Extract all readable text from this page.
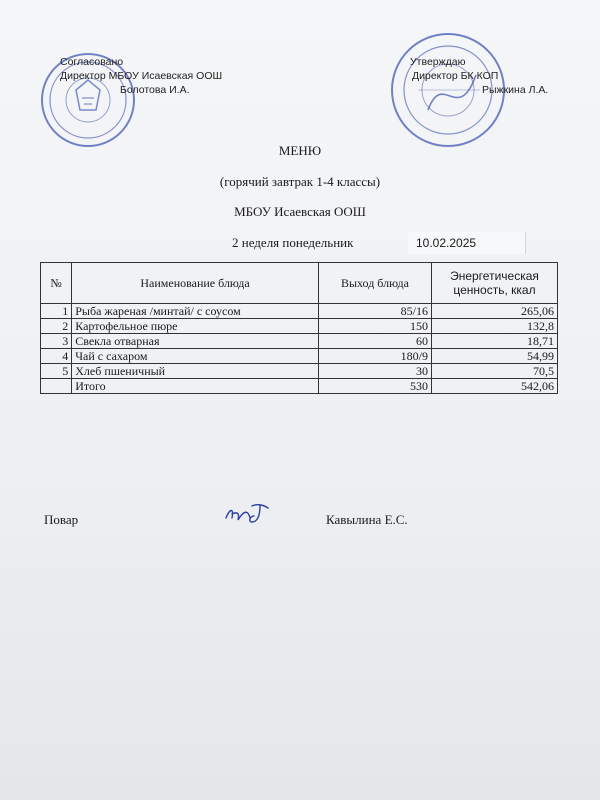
Согласовано
Директор МБОУ Исаевская ООШ
Болотова И.А.
Утверждаю
Директор БК КОП
Рыжкина Л.А.
МЕНЮ
(горячий завтрак 1-4 классы)
МБОУ Исаевская ООШ
2 неделя понедельник	10.02.2025
№	Наименование блюда	Выход блюда	Энергетическая
ценность, ккал

1	Рыба жареная /минтай/ с соусом	85/16	265,06
2	Картофельное пюре	150	132,8
3	Свекла отварная	60	18,71
4	Чай с сахаром	180/9	54,99
5	Хлеб пшеничный	30	70,5
	Итого	530	542,06
Повар	Кавылина Е.С.
